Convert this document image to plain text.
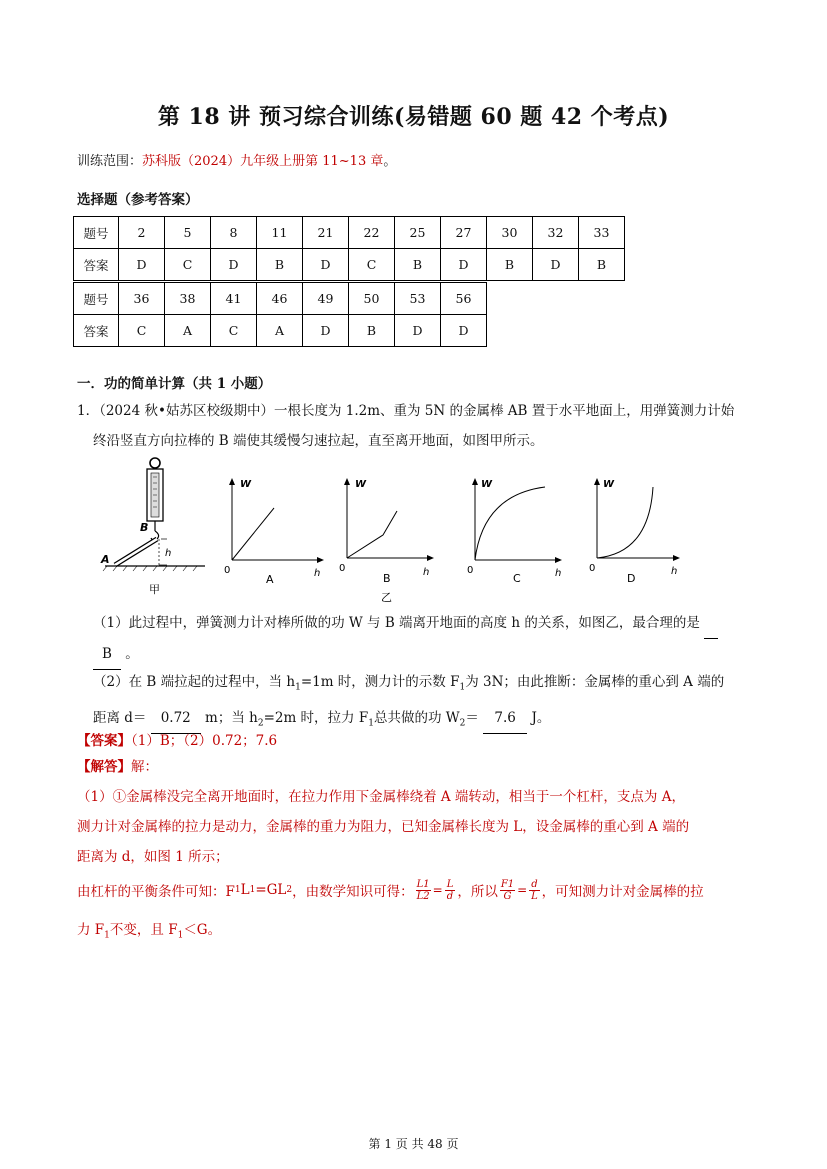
第 18 讲 预习综合训练(易错题 60 题 42 个考点)
训练范围：苏科版（2024）九年级上册第 11~13 章。
选择题（参考答案）
题号	2	5	8	11	21	22	25	27	30	32	33
答案	D	C	D	B	D	C	B	D	B	D	B
题号	36	38	41	46	49	50	53	56
答案	C	A	C	A	D	B	D	D
一．功的简单计算（共 1 小题）
1．（2024 秋•姑苏区校级期中）一根长度为 1.2m、重为 5N 的金属棒 AB 置于水平地面上，用弹簧测力计始
终沿竖直方向拉棒的 B 端使其缓慢匀速拉起，直至离开地面，如图甲所示。
B
A	h
甲
W
0	h
A
W
0	h
B
乙
W
0	h
C
W
0	h
D
（1）此过程中，弹簧测力计对棒所做的功 W 与 B 端离开地面的高度 h 的关系，如图乙，最合理的是
B 。
（2）在 B 端拉起的过程中，当 $h_1=1m$ 时，测力计的示数 $F_1$为 3N；由此推断：金属棒的重心到 A 端的
距离 d＝ 0.72 m；当 $h_2=2m$ 时，拉力 $F_1$总共做的功 $W_2= 7.6$ J。
【答案】（1）B；（2）0.72；7.6
【解答】解：
（1）①金属棒没完全离开地面时，在拉力作用下金属棒绕着 A 端转动，相当于一个杠杆，支点为 A，
测力计对金属棒的拉力是动力，金属棒的重力为阻力，已知金属棒长度为 L，设金属棒的重心到 A 端的
距离为 d，如图 1 所示；
由杠杆的平衡条件可知：F 1 L 1 =GL 2 ，由数学知识可得： $\frac{L1}{L2} = \frac{L}{d}$ ，所以 $\frac{F1}{G} = \frac{d}{L}$ ，可知测力计对金属棒的拉
力 $F_1$不变，且 $F_1<G$。
第 1 页 共 48 页
